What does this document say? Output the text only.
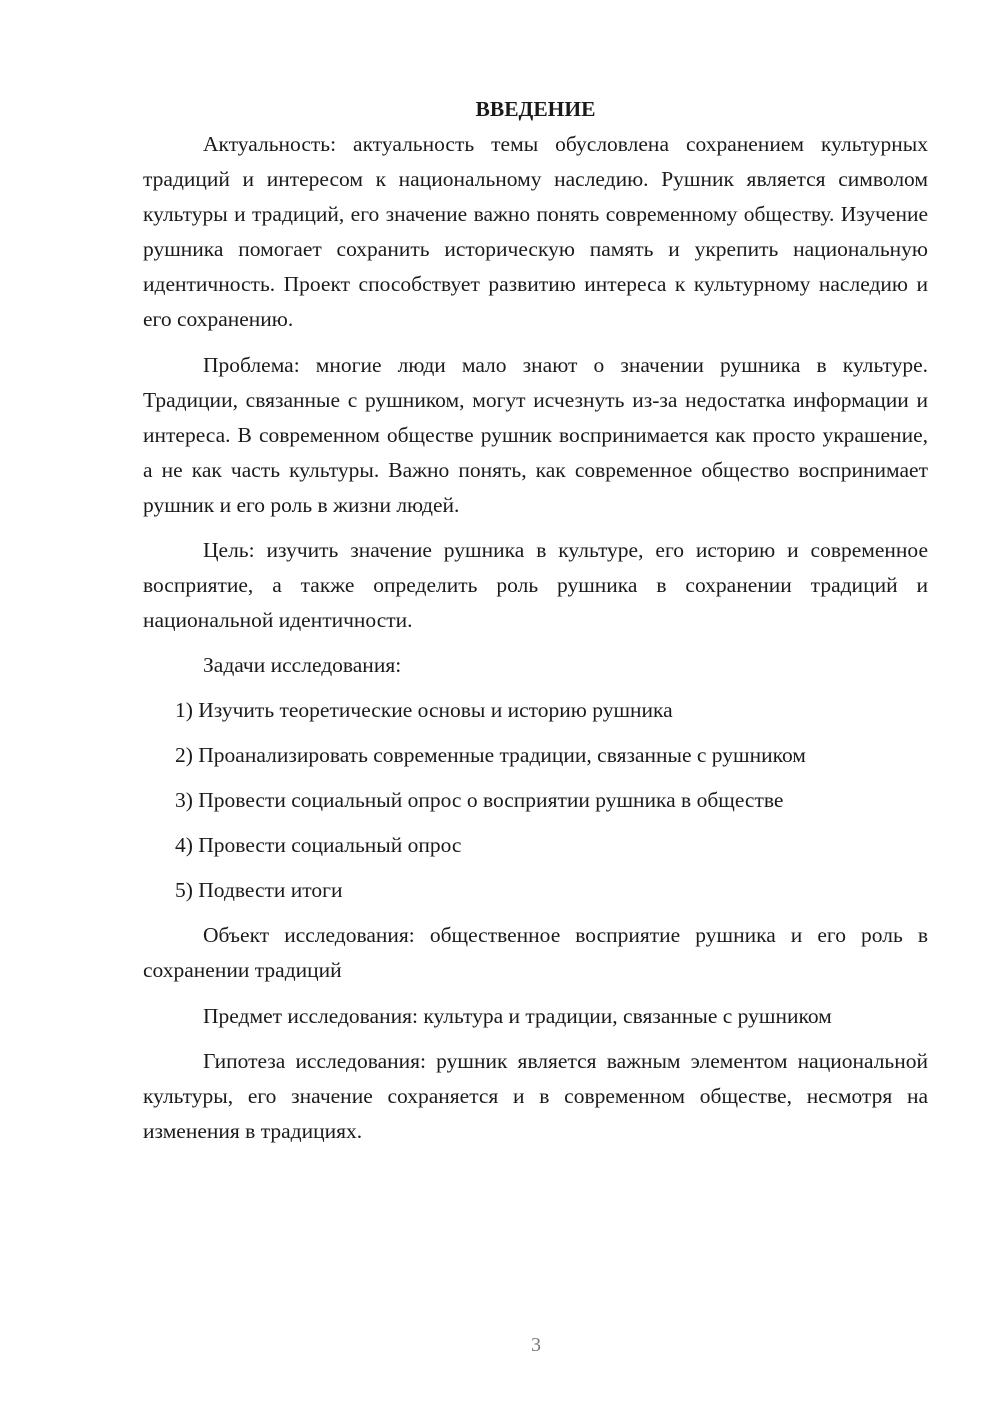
ВВЕДЕНИЕ

Актуальность: актуальность темы обусловлена сохранением культурных традиций и интересом к национальному наследию. Рушник является символом культуры и традиций, его значение важно понять современному обществу. Изучение рушника помогает сохранить историческую память и укрепить национальную идентичность. Проект способствует развитию интереса к культурному наследию и его сохранению.

Проблема: многие люди мало знают о значении рушника в культуре. Традиции, связанные с рушником, могут исчезнуть из-за недостатка информации и интереса. В современном обществе рушник воспринимается как просто украшение, а не как часть культуры. Важно понять, как современное общество воспринимает рушник и его роль в жизни людей.

Цель: изучить значение рушника в культуре, его историю и современное восприятие, а также определить роль рушника в сохранении традиций и национальной идентичности.

Задачи исследования:

1) Изучить теоретические основы и историю рушника
2) Проанализировать современные традиции, связанные с рушником
3) Провести социальный опрос о восприятии рушника в обществе
4) Провести социальный опрос
5) Подвести итоги

Объект исследования: общественное восприятие рушника и его роль в сохранении традиций

Предмет исследования: культура и традиции, связанные с рушником

Гипотеза исследования: рушник является важным элементом национальной культуры, его значение сохраняется и в современном обществе, несмотря на изменения в традициях.

3
